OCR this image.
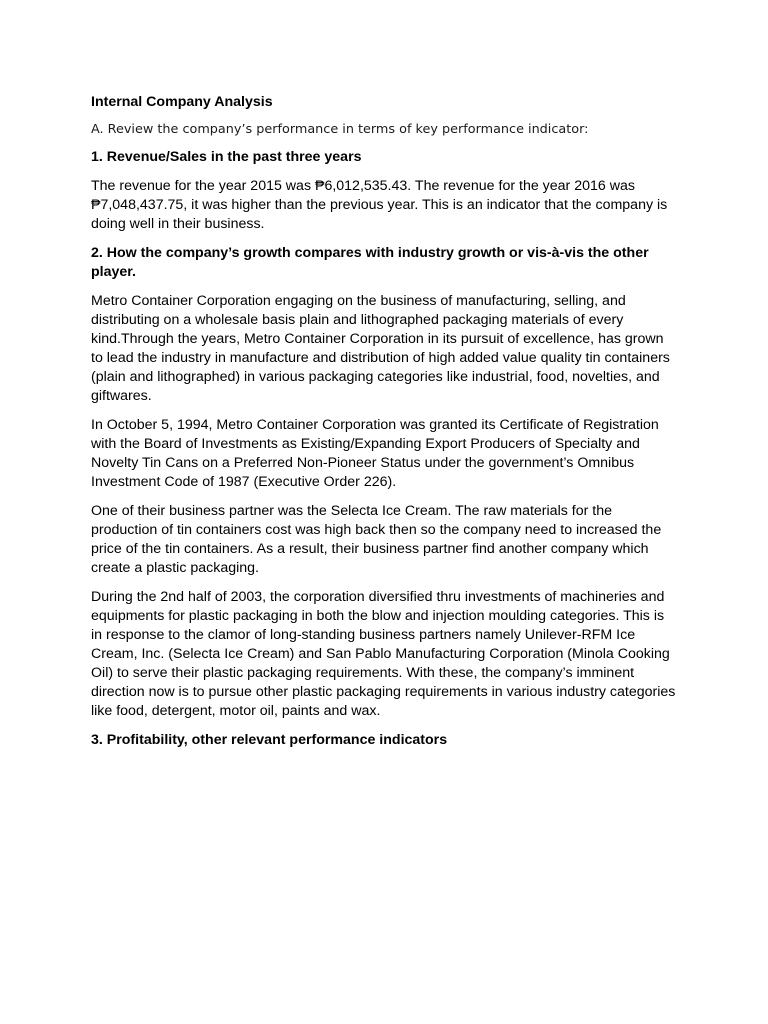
Internal Company Analysis
A. Review the company’s performance in terms of key performance indicator:
1. Revenue/Sales in the past three years

The revenue for the year 2015 was ₱6,012,535.43. The revenue for the year 2016 was ₱7,048,437.75, it was higher than the previous year. This is an indicator that the company is doing well in their business.

2. How the company’s growth compares with industry growth or vis-à-vis the other player.

Metro Container Corporation engaging on the business of manufacturing, selling, and distributing on a wholesale basis plain and lithographed packaging materials of every kind.Through the years, Metro Container Corporation in its pursuit of excellence, has grown to lead the industry in manufacture and distribution of high added value quality tin containers (plain and lithographed) in various packaging categories like industrial, food, novelties, and giftwares.

In October 5, 1994, Metro Container Corporation was granted its Certificate of Registration with the Board of Investments as Existing/Expanding Export Producers of Specialty and Novelty Tin Cans on a Preferred Non-Pioneer Status under the government’s Omnibus Investment Code of 1987 (Executive Order 226).

One of their business partner was the Selecta Ice Cream. The raw materials for the production of tin containers cost was high back then so the company need to increased the price of the tin containers. As a result, their business partner find another company which create a plastic packaging.

During the 2nd half of 2003, the corporation diversified thru investments of machineries and equipments for plastic packaging in both the blow and injection moulding categories. This is in response to the clamor of long-standing business partners namely Unilever-RFM Ice Cream, Inc. (Selecta Ice Cream) and San Pablo Manufacturing Corporation (Minola Cooking Oil) to serve their plastic packaging requirements. With these, the company’s imminent direction now is to pursue other plastic packaging requirements in various industry categories like food, detergent, motor oil, paints and wax.

3. Profitability, other relevant performance indicators
